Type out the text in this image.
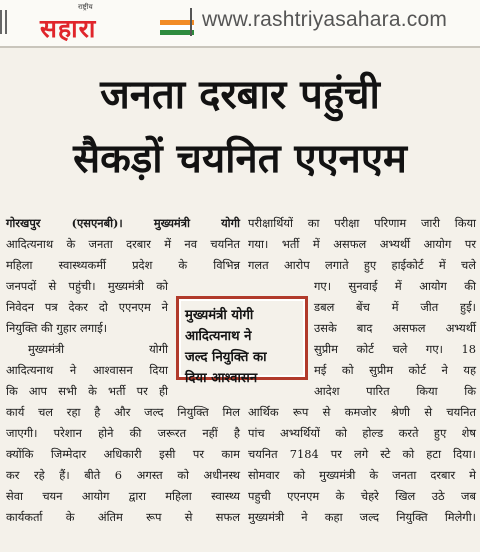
राष्ट्रीय
सहारा	www.rashtriyasahara.com
जनता दरबार पहुंची
सैकड़ों चयनित एएनएम
गोरखपुर (एसएनबी)। मुख्यमंत्री योगी
आदित्यनाथ के जनता दरबार में नव चयनित
महिला स्वास्थ्यकर्मी प्रदेश के विभिन्न
जनपदों से पहुंची। मुख्यमंत्री को
निवेदन पत्र देकर दो एएनएम ने
नियुक्ति की गुहार लगाई।
मुख्यमंत्री योगी
आदित्यनाथ ने आश्वासन दिया
कि आप सभी के भर्ती पर ही
कार्य चल रहा है और जल्द नियुक्ति मिल
जाएगी। परेशान होने की जरूरत नहीं है
क्योंकि जिम्मेदार अधिकारी इसी पर काम
कर रहे हैं। बीते 6 अगस्त को अधीनस्थ
सेवा चयन आयोग द्वारा महिला स्वास्थ्य
कार्यकर्ता के अंतिम रूप से सफल
परीक्षार्थियों का परीक्षा परिणाम जारी किया
गया। भर्ती में असफल अभ्यर्थी आयोग पर
गलत आरोप लगाते हुए हाईकोर्ट में चले
गए। सुनवाई में आयोग की
डबल बेंच में जीत हुई।
उसके बाद असफल अभ्यर्थी
सुप्रीम कोर्ट चले गए। 18
मई को सुप्रीम कोर्ट ने यह
आदेश पारित किया कि
आर्थिक रूप से कमजोर श्रेणी से चयनित
पांच अभ्यर्थियों को होल्ड करते हुए शेष
चयनित 7184 पर लगे स्टे को हटा दिया।
सोमवार को मुख्यमंत्री के जनता दरबार मे
पहुची एएनएम के चेहरे खिल उठे जब
मुख्यमंत्री ने कहा जल्द नियुक्ति मिलेगी।
मुख्यमंत्री योगी
आदित्यनाथ ने
जल्द नियुक्ति का
दिया आश्वासन
